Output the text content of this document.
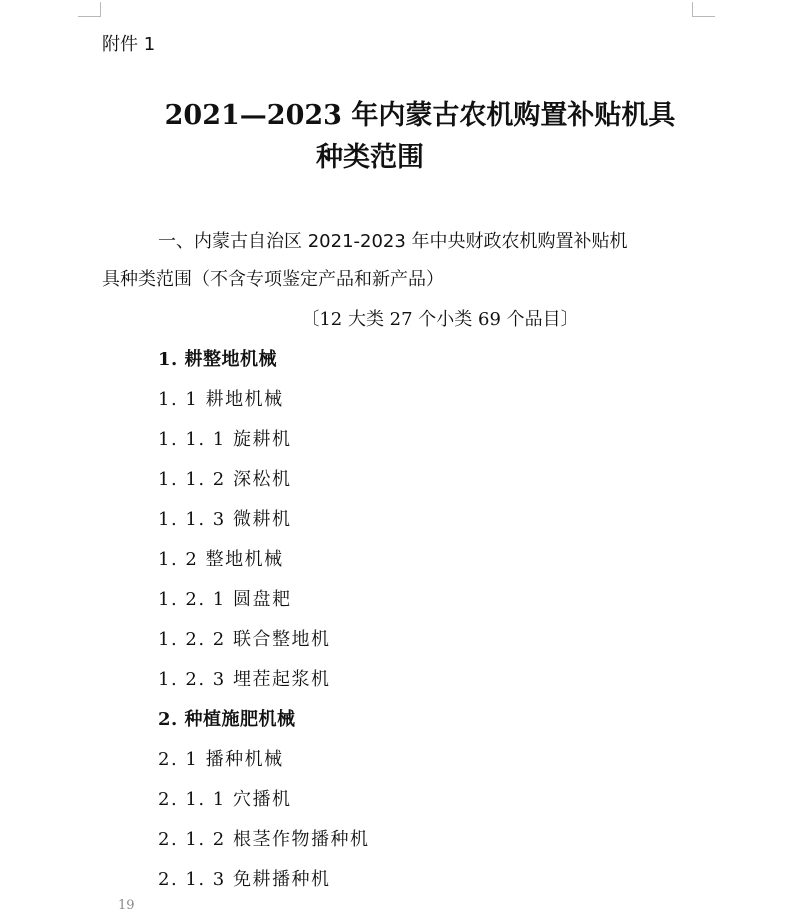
附件 1
2021—2023 年内蒙古农机购置补贴机具
种类范围
一、内蒙古自治区 2021-2023 年中央财政农机购置补贴机
具种类范围（不含专项鉴定产品和新产品）
〔12 大类 27 个小类 69 个品目〕
1. 耕整地机械
1. 1 耕地机械
1. 1. 1 旋耕机
1. 1. 2 深松机
1. 1. 3 微耕机
1. 2 整地机械
1. 2. 1 圆盘耙
1. 2. 2 联合整地机
1. 2. 3 埋茬起浆机
2. 种植施肥机械
2. 1 播种机械
2. 1. 1 穴播机
2. 1. 2 根茎作物播种机
2. 1. 3 免耕播种机
19
